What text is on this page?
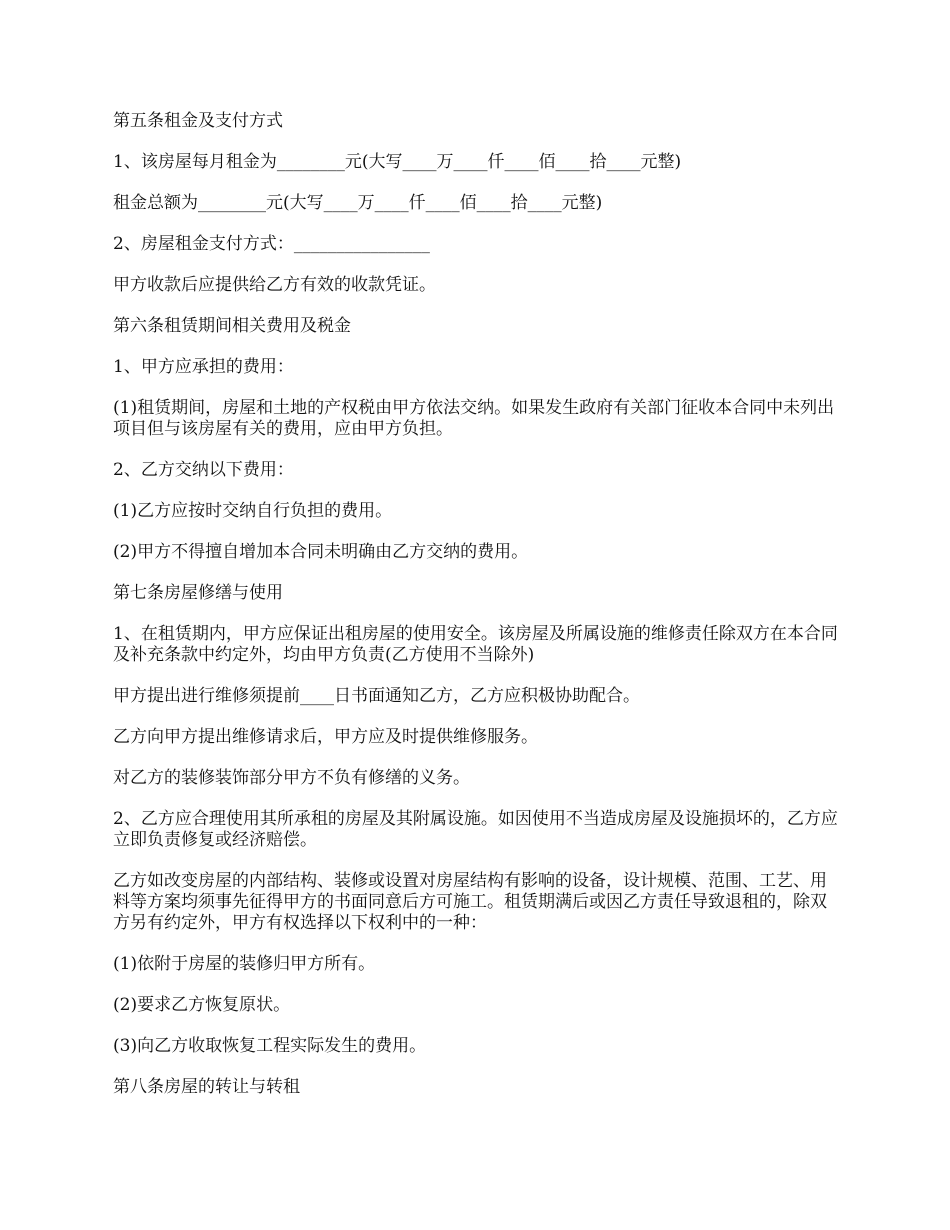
第五条租金及支付方式

1、该房屋每月租金为________元(大写____万____仟____佰____拾____元整)

租金总额为________元(大写____万____仟____佰____拾____元整)

2、房屋租金支付方式：________________

甲方收款后应提供给乙方有效的收款凭证。

第六条租赁期间相关费用及税金

1、甲方应承担的费用：

(1)租赁期间，房屋和土地的产权税由甲方依法交纳。如果发生政府有关部门征收本合同中未列出项目但与该房屋有关的费用，应由甲方负担。

2、乙方交纳以下费用：

(1)乙方应按时交纳自行负担的费用。

(2)甲方不得擅自增加本合同未明确由乙方交纳的费用。

第七条房屋修缮与使用

1、在租赁期内，甲方应保证出租房屋的使用安全。该房屋及所属设施的维修责任除双方在本合同及补充条款中约定外，均由甲方负责(乙方使用不当除外)

甲方提出进行维修须提前____日书面通知乙方，乙方应积极协助配合。

乙方向甲方提出维修请求后，甲方应及时提供维修服务。

对乙方的装修装饰部分甲方不负有修缮的义务。

2、乙方应合理使用其所承租的房屋及其附属设施。如因使用不当造成房屋及设施损坏的，乙方应立即负责修复或经济赔偿。

乙方如改变房屋的内部结构、装修或设置对房屋结构有影响的设备，设计规模、范围、工艺、用料等方案均须事先征得甲方的书面同意后方可施工。租赁期满后或因乙方责任导致退租的，除双方另有约定外，甲方有权选择以下权利中的一种：

(1)依附于房屋的装修归甲方所有。

(2)要求乙方恢复原状。

(3)向乙方收取恢复工程实际发生的费用。

第八条房屋的转让与转租
